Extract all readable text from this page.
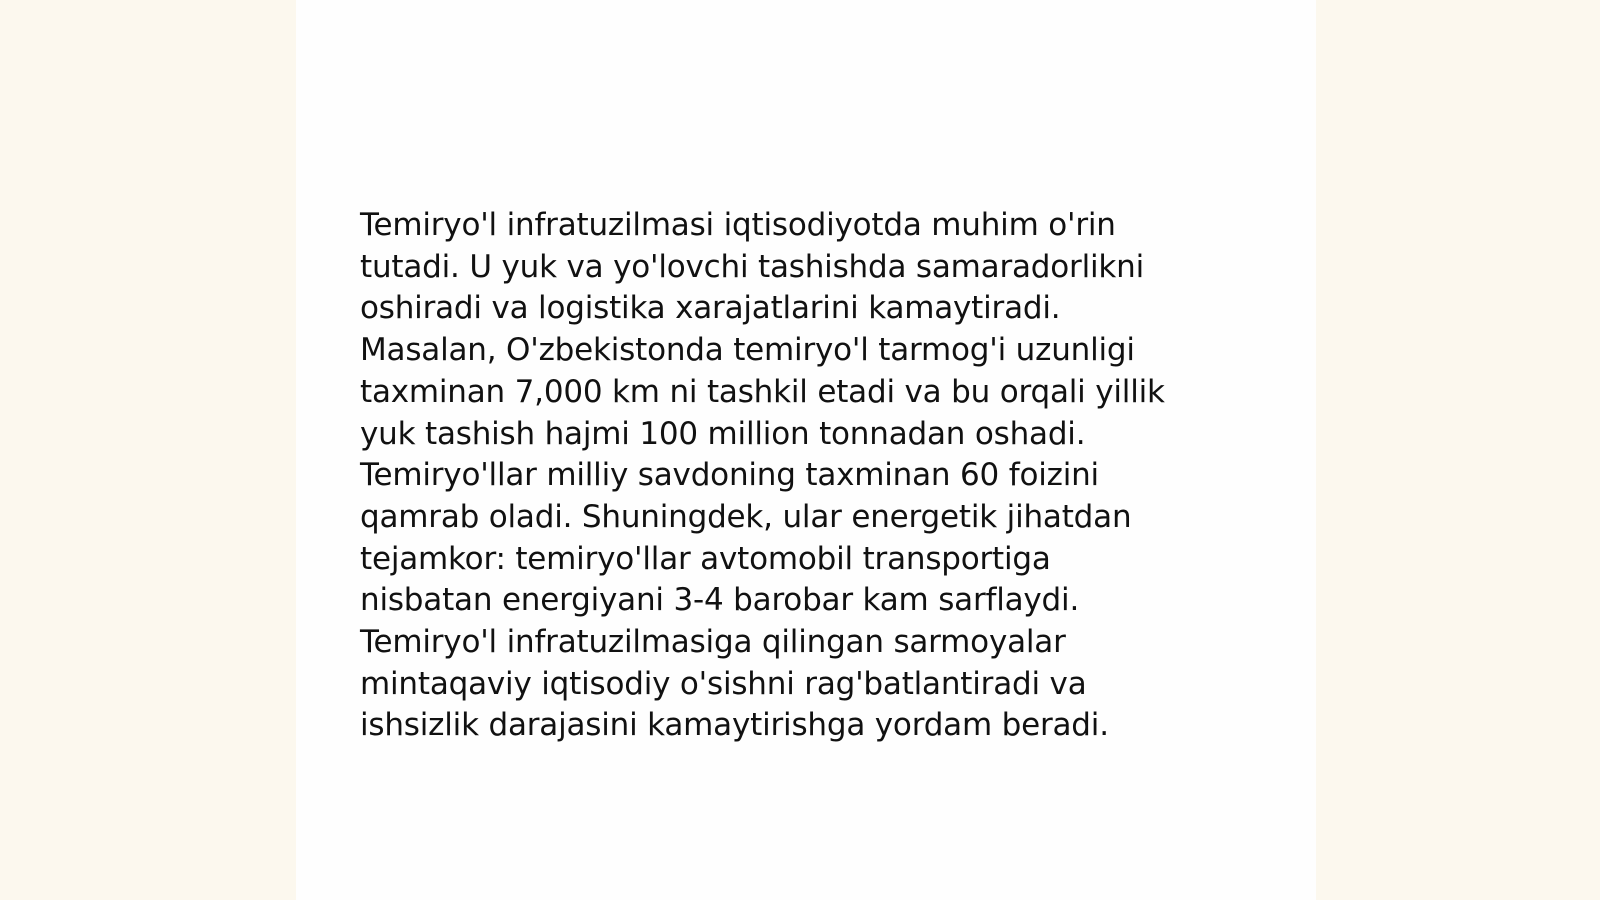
Temiryo'l infratuzilmasi iqtisodiyotda muhim o'rin
tutadi. U yuk va yo'lovchi tashishda samaradorlikni
oshiradi va logistika xarajatlarini kamaytiradi.
Masalan, O'zbekistonda temiryo'l tarmog'i uzunligi
taxminan 7,000 km ni tashkil etadi va bu orqali yillik
yuk tashish hajmi 100 million tonnadan oshadi.
Temiryo'llar milliy savdoning taxminan 60 foizini
qamrab oladi. Shuningdek, ular energetik jihatdan
tejamkor: temiryo'llar avtomobil transportiga
nisbatan energiyani 3-4 barobar kam sarflaydi.
Temiryo'l infratuzilmasiga qilingan sarmoyalar
mintaqaviy iqtisodiy o'sishni rag'batlantiradi va
ishsizlik darajasini kamaytirishga yordam beradi.
